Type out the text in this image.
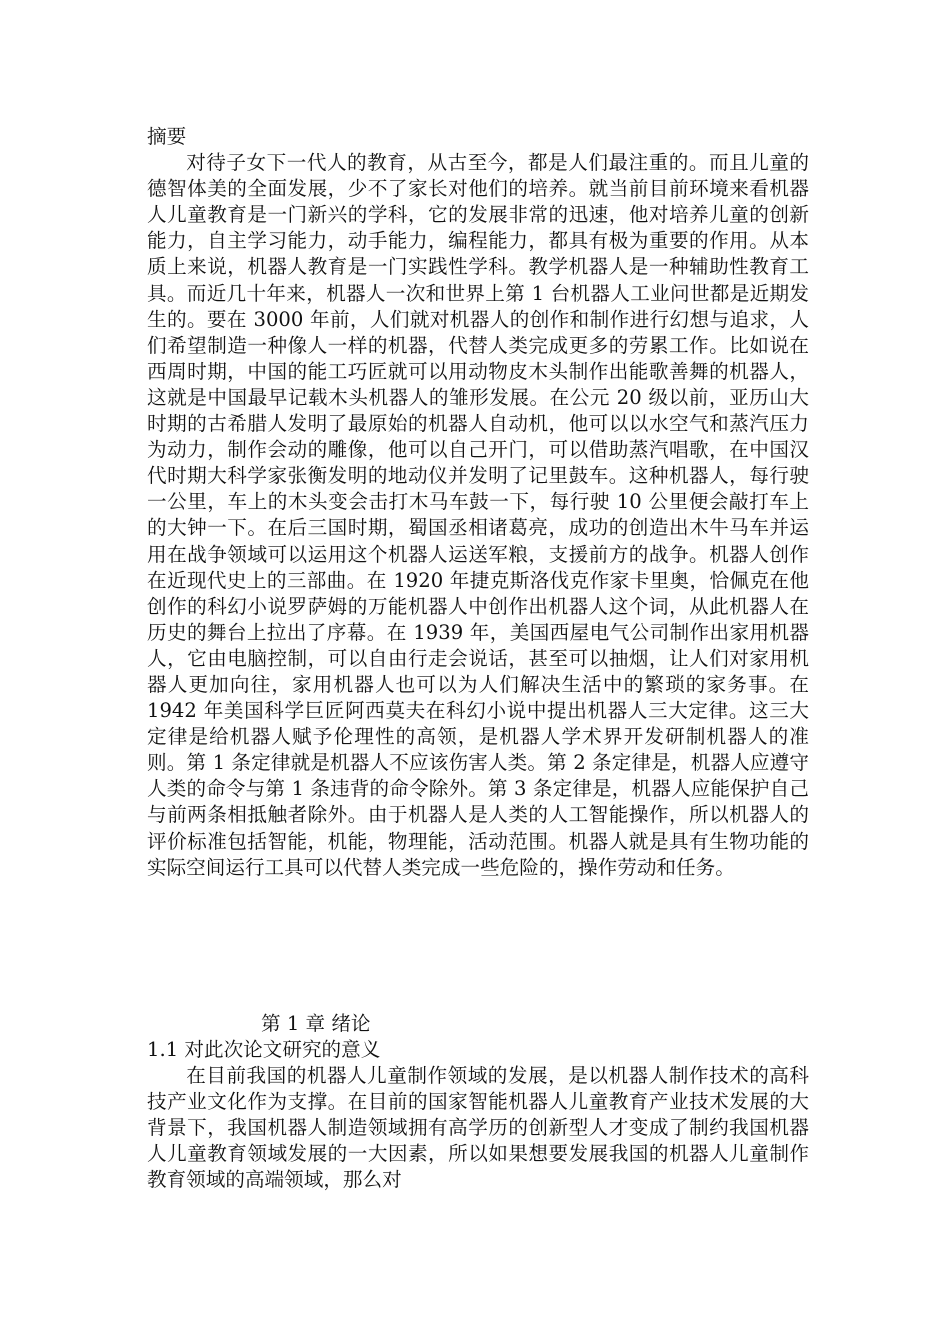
摘要

对待子女下一代人的教育，从古至今，都是人们最注重的。而且儿童的德智体美的全面发展，少不了家长对他们的培养。就当前目前环境来看机器人儿童教育是一门新兴的学科，它的发展非常的迅速，他对培养儿童的创新能力，自主学习能力，动手能力，编程能力，都具有极为重要的作用。从本质上来说，机器人教育是一门实践性学科。教学机器人是一种辅助性教育工具。而近几十年来，机器人一次和世界上第 1 台机器人工业问世都是近期发生的。要在 3000 年前，人们就对机器人的创作和制作进行幻想与追求，人们希望制造一种像人一样的机器，代替人类完成更多的劳累工作。比如说在西周时期，中国的能工巧匠就可以用动物皮木头制作出能歌善舞的机器人，这就是中国最早记载木头机器人的雏形发展。在公元 20 级以前，亚历山大时期的古希腊人发明了最原始的机器人自动机，他可以以水空气和蒸汽压力为动力，制作会动的雕像，他可以自己开门，可以借助蒸汽唱歌，在中国汉代时期大科学家张衡发明的地动仪并发明了记里鼓车。这种机器人，每行驶一公里，车上的木头变会击打木马车鼓一下，每行驶 10 公里便会敲打车上的大钟一下。在后三国时期，蜀国丞相诸葛亮，成功的创造出木牛马车并运用在战争领域可以运用这个机器人运送军粮，支援前方的战争。机器人创作在近现代史上的三部曲。在 1920 年捷克斯洛伐克作家卡里奥，恰佩克在他创作的科幻小说罗萨姆的万能机器人中创作出机器人这个词，从此机器人在历史的舞台上拉出了序幕。在 1939 年，美国西屋电气公司制作出家用机器人，它由电脑控制，可以自由行走会说话，甚至可以抽烟，让人们对家用机器人更加向往，家用机器人也可以为人们解决生活中的繁琐的家务事。在 1942 年美国科学巨匠阿西莫夫在科幻小说中提出机器人三大定律。这三大定律是给机器人赋予伦理性的高领，是机器人学术界开发研制机器人的准则。第 1 条定律就是机器人不应该伤害人类。第 2 条定律是，机器人应遵守人类的命令与第 1 条违背的命令除外。第 3 条定律是，机器人应能保护自己与前两条相抵触者除外。由于机器人是人类的人工智能操作，所以机器人的评价标准包括智能，机能，物理能，活动范围。机器人就是具有生物功能的实际空间运行工具可以代替人类完成一些危险的，操作劳动和任务。

第 1 章 绪论
1.1 对此次论文研究的意义

在目前我国的机器人儿童制作领域的发展，是以机器人制作技术的高科技产业文化作为支撑。在目前的国家智能机器人儿童教育产业技术发展的大背景下，我国机器人制造领域拥有高学历的创新型人才变成了制约我国机器人儿童教育领域发展的一大因素，所以如果想要发展我国的机器人儿童制作教育领域的高端领域，那么对
